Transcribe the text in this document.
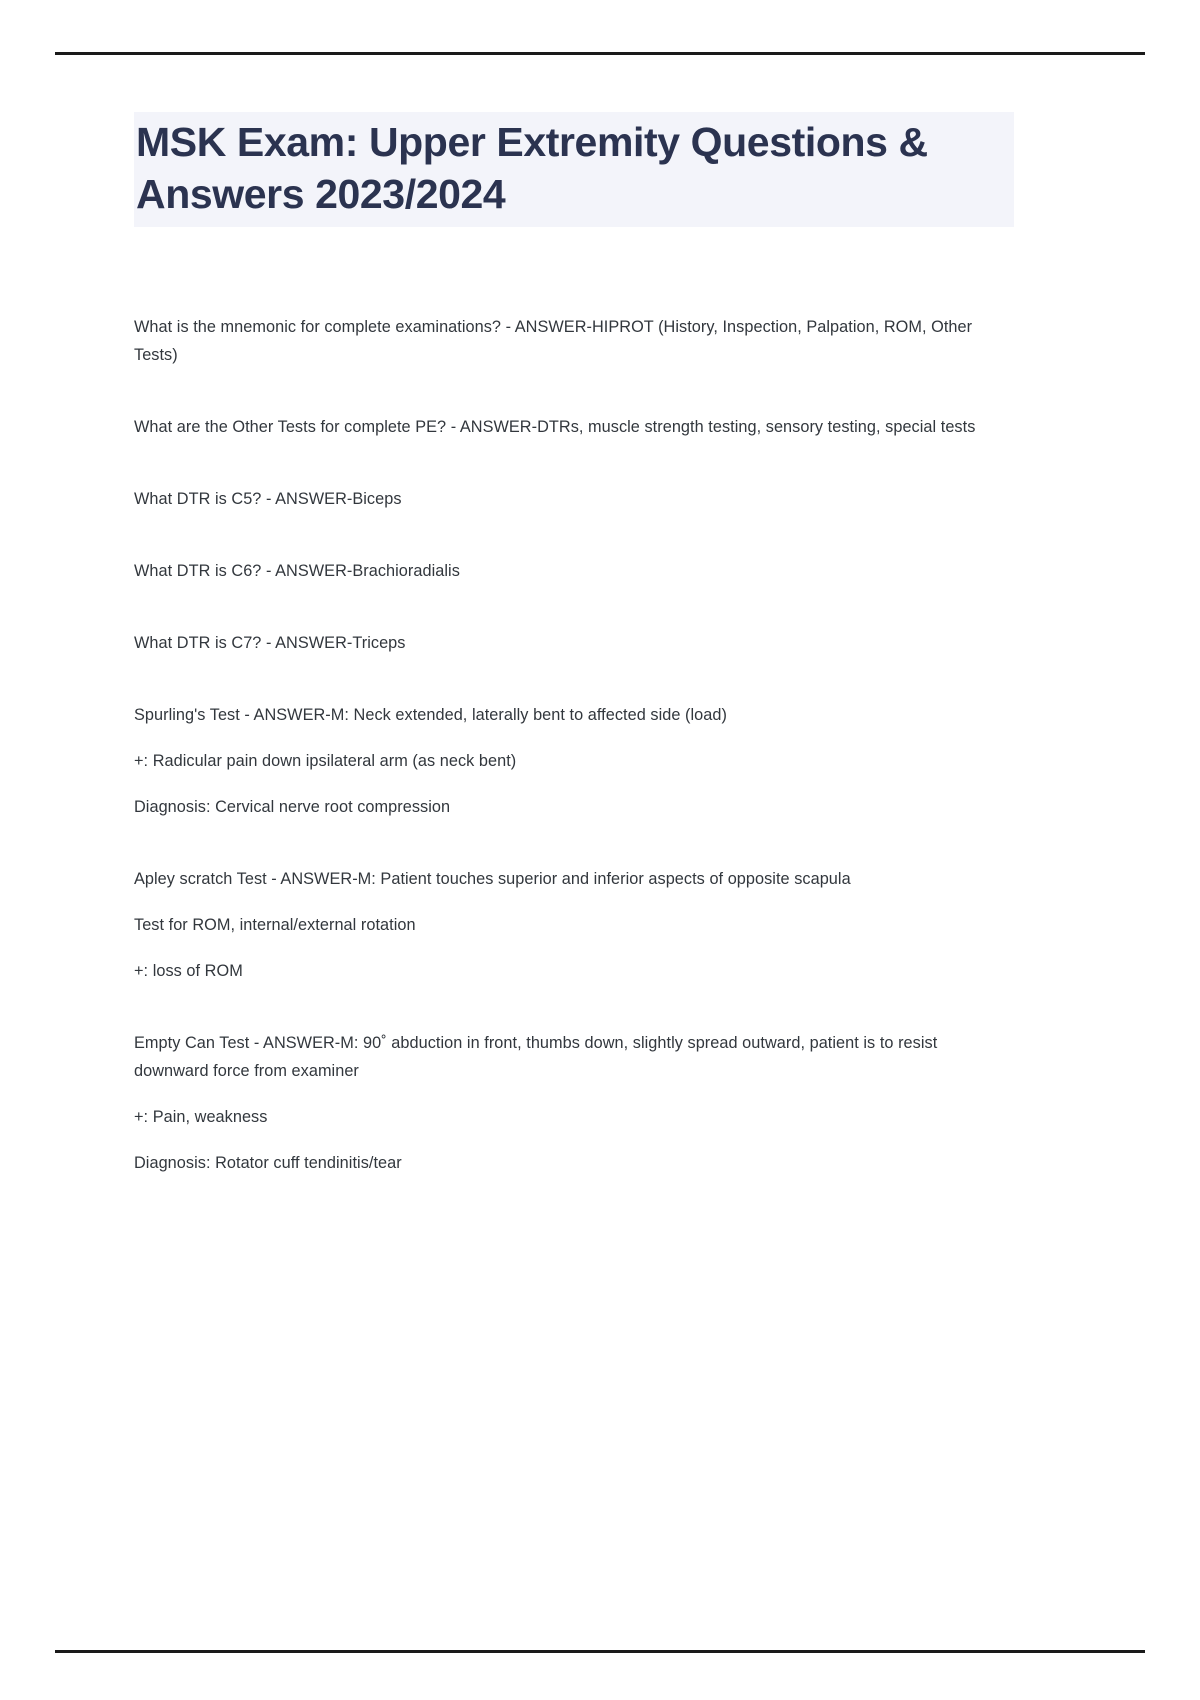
MSK Exam: Upper Extremity Questions & Answers 2023/2024

What is the mnemonic for complete examinations? - ANSWER-HIPROT (History, Inspection, Palpation, ROM, Other Tests)

What are the Other Tests for complete PE? - ANSWER-DTRs, muscle strength testing, sensory testing, special tests

What DTR is C5? - ANSWER-Biceps

What DTR is C6? - ANSWER-Brachioradialis

What DTR is C7? - ANSWER-Triceps

Spurling's Test - ANSWER-M: Neck extended, laterally bent to affected side (load)

+: Radicular pain down ipsilateral arm (as neck bent)

Diagnosis: Cervical nerve root compression

Apley scratch Test - ANSWER-M: Patient touches superior and inferior aspects of opposite scapula

Test for ROM, internal/external rotation

+: loss of ROM

Empty Can Test - ANSWER-M: 90˚ abduction in front, thumbs down, slightly spread outward, patient is to resist downward force from examiner

+: Pain, weakness

Diagnosis: Rotator cuff tendinitis/tear
